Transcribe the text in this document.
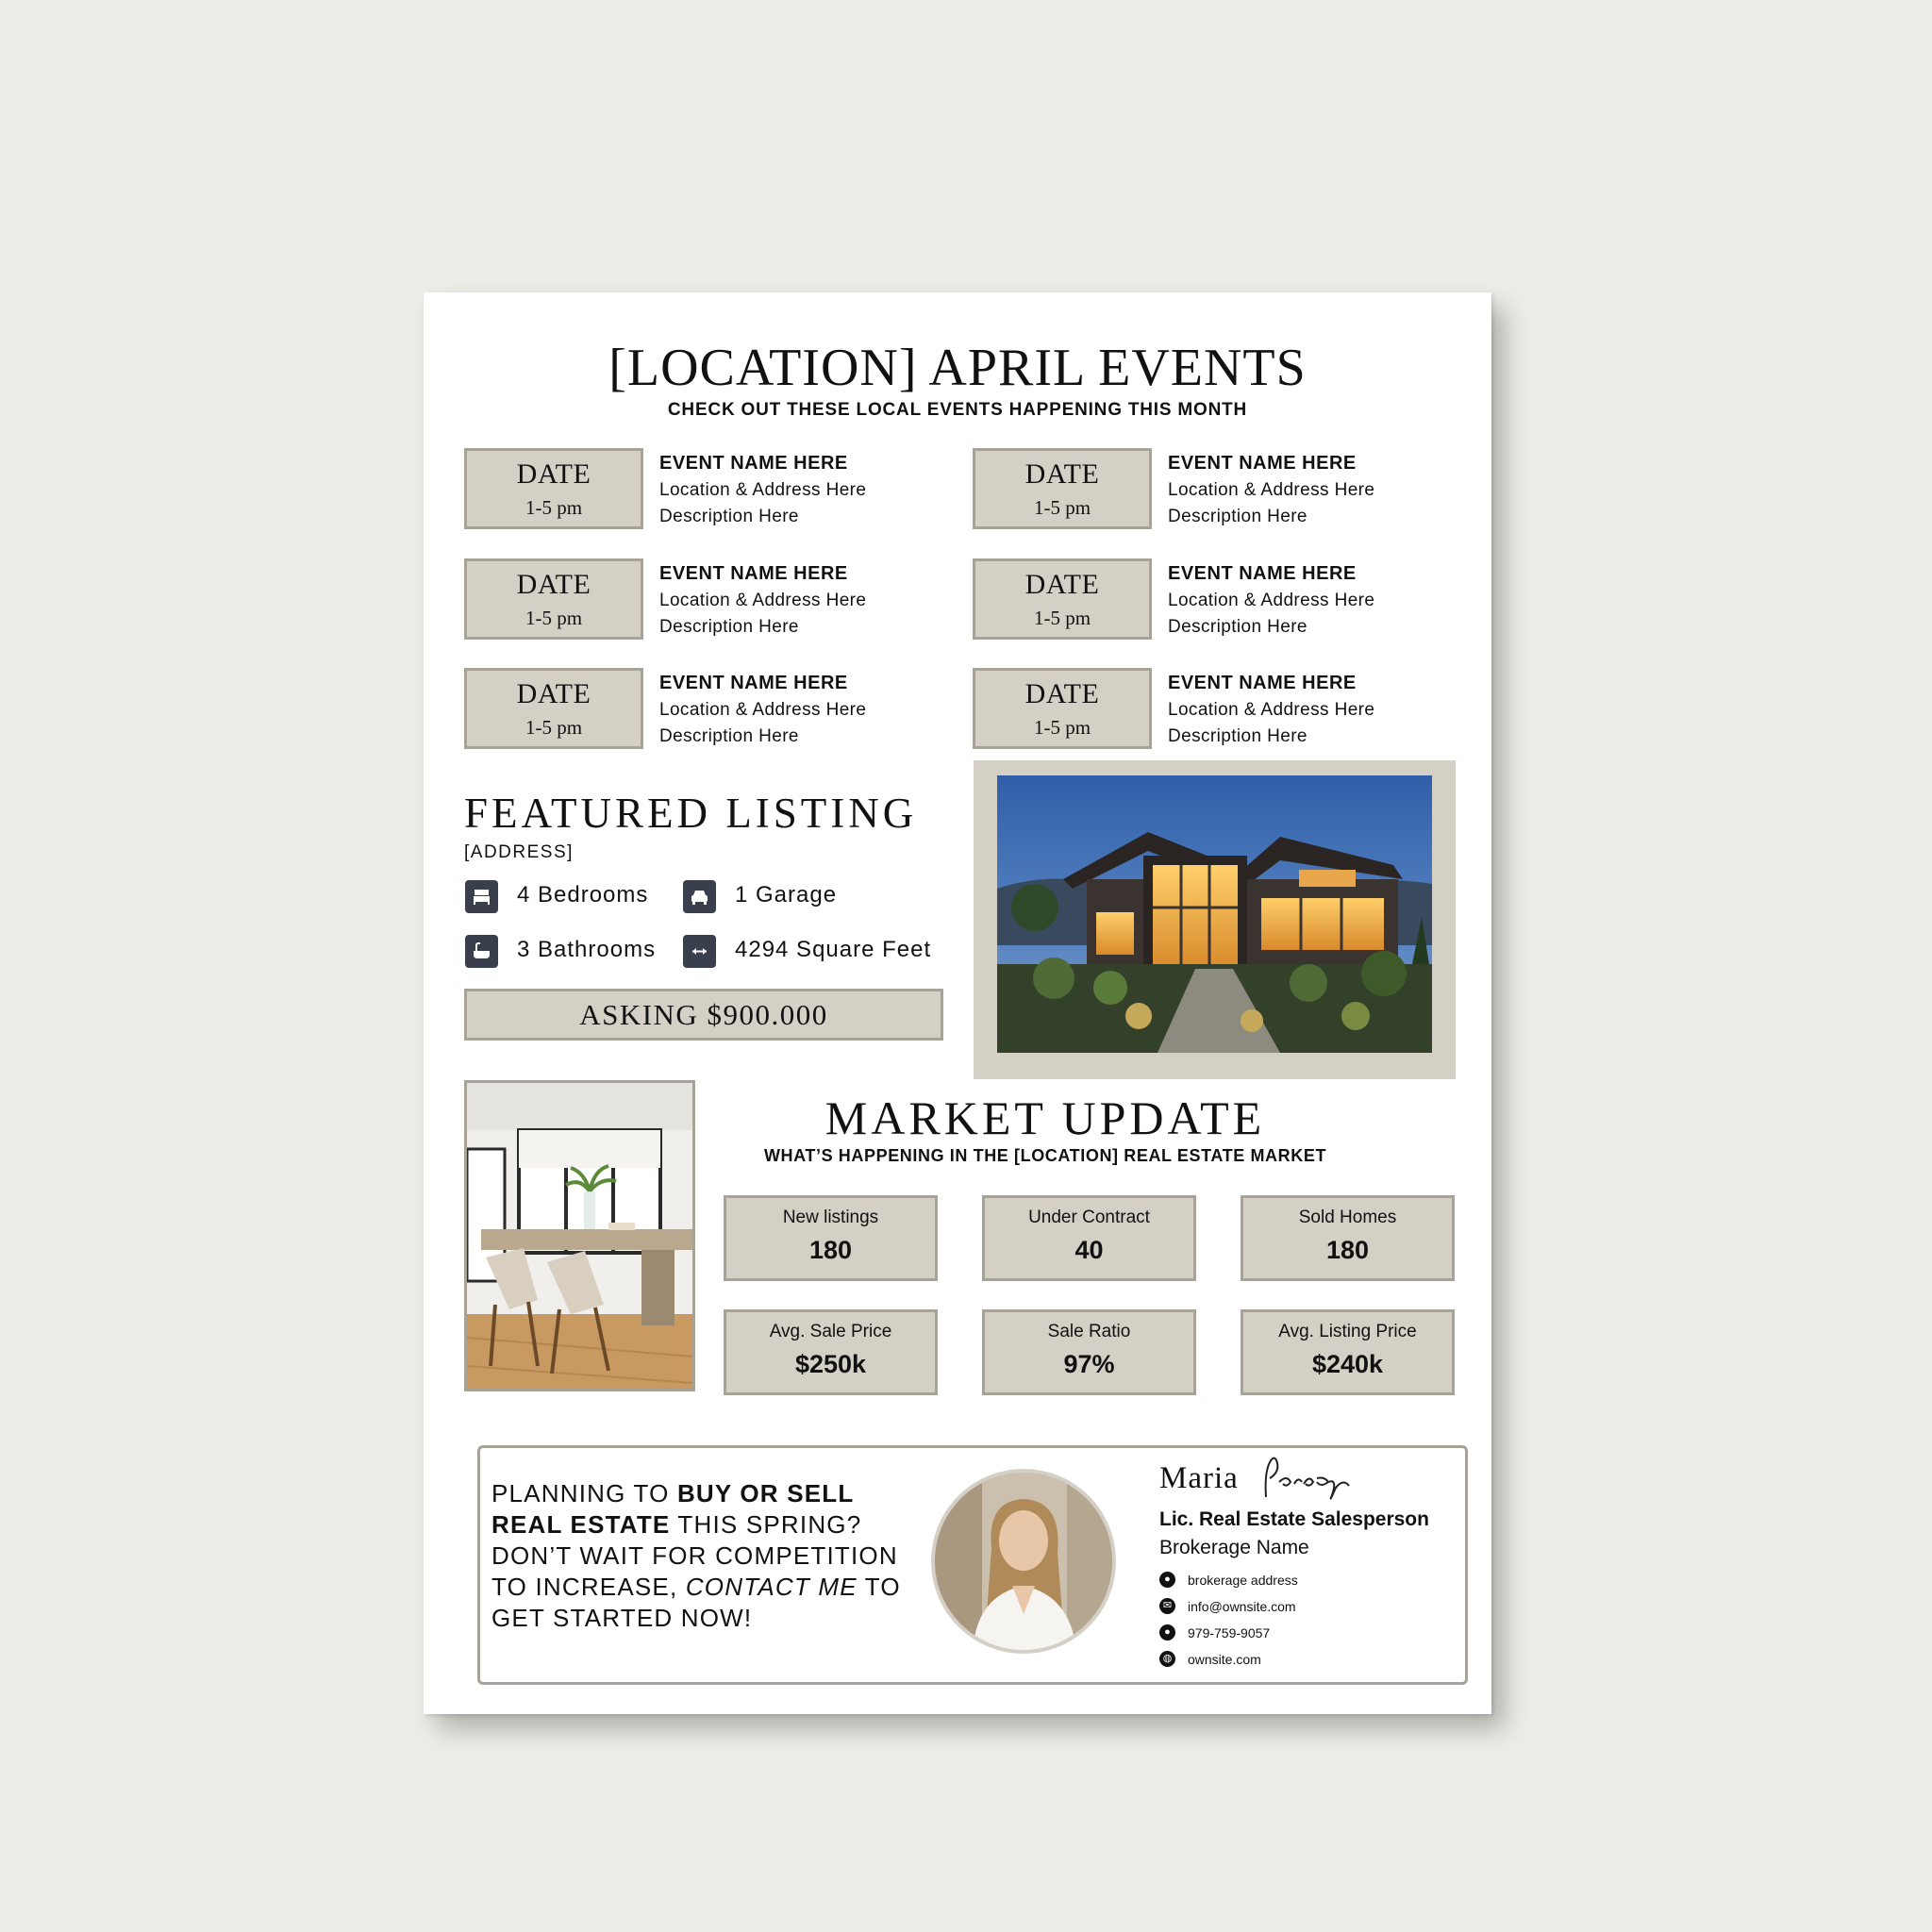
[LOCATION] APRIL EVENTS
CHECK OUT THESE LOCAL EVENTS HAPPENING THIS MONTH
DATE
1-5 pm
EVENT NAME HERE
Location & Address Here
Description Here
DATE
1-5 pm
EVENT NAME HERE
Location & Address Here
Description Here
DATE
1-5 pm
EVENT NAME HERE
Location & Address Here
Description Here
DATE
1-5 pm
EVENT NAME HERE
Location & Address Here
Description Here
DATE
1-5 pm
EVENT NAME HERE
Location & Address Here
Description Here
DATE
1-5 pm
EVENT NAME HERE
Location & Address Here
Description Here
FEATURED LISTING
[ADDRESS]
4 Bedrooms	1 Garage
3 Bathrooms	4294 Square Feet
ASKING $900.000
MARKET UPDATE
WHAT’S HAPPENING IN THE [LOCATION] REAL ESTATE MARKET
New listings
180
Under Contract
40
Sold Homes
180
Avg. Sale Price
$250k
Sale Ratio
97%
Avg. Listing Price
$240k
PLANNING TO BUY OR SELL
REAL ESTATE THIS SPRING?
DON’T WAIT FOR COMPETITION
TO INCREASE, CONTACT ME TO
GET STARTED NOW!
Maria
Lic. Real Estate Salesperson
Brokerage Name
●	brokerage address
✉ info@ownsite.com
●	979-759-9057
◍ ownsite.com
